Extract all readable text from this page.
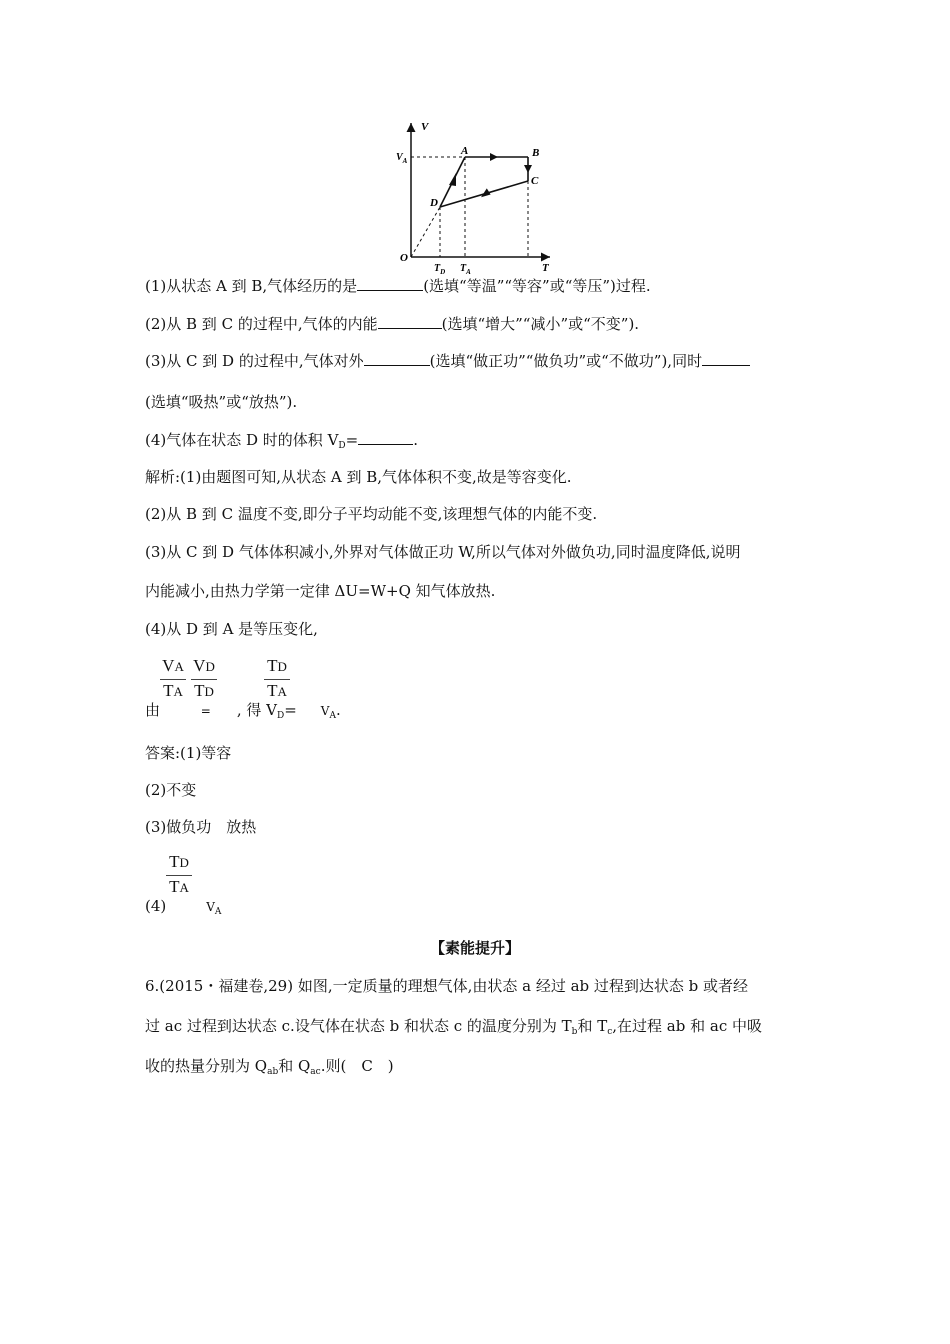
V
T
O
$V_A$
$T_D$ $T_A$
A	B
C
D
(1)从状态 A 到 B,气体经历的是	(选填“等温”“等容”或“等压”)过程.
(2)从 B 到 C 的过程中,气体的内能	(选填“增大”“减小”或“不变”).
(3)从 C 到 D 的过程中,气体对外	(选填“做正功”“做负功”或“不做功”),同时
(选填“吸热”或“放热”).
(4)气体在状态 D 时的体积 $V_D=$	.
解析:(1)由题图可知,从状态 A 到 B,气体体积不变,故是等容变化.
(2)从 B 到 C 温度不变,即分子平均动能不变,该理想气体的内能不变.
(3)从 C 到 D 气体体积减小,外界对气体做正功 W,所以气体对外做负功,同时温度降低,说明
内能减小,由热力学第一定律 ΔU=W+Q 知气体放热.
(4)从 D 到 A 是等压变化,
$\frac{VA}{TA} \frac{VD}{TD}$	$\frac{TD}{TA}$
由	= , 得 $V_D= V_A$.
答案:(1)等容
(2)不变
(3)做负功　放热
$\frac{TD}{TA}$
(4)	$V_A$
【素能提升】
6.(2015・福建卷,29) 如图,一定质量的理想气体,由状态 a 经过 ab 过程到达状态 b 或者经
过 ac 过程到达状态 c.设气体在状态 b 和状态 c 的温度分别为 $T_b$和 $T_c$,在过程 ab 和 ac 中吸
收的热量分别为 $Q_{ab}$和 $Q_{ac}$.则(　C　)
